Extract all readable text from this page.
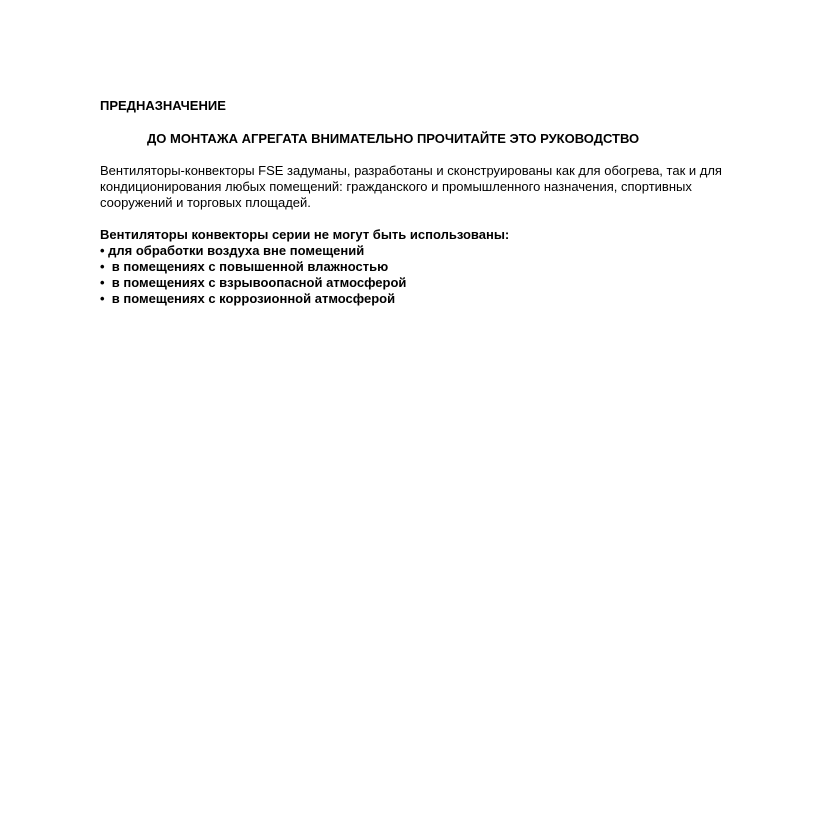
ПРЕДНАЗНАЧЕНИЕ

ДО МОНТАЖА АГРЕГАТА ВНИМАТЕЛЬНО ПРОЧИТАЙТЕ ЭТО РУКОВОДСТВО

Вентиляторы-конвекторы FSE задуманы, разработаны и сконструированы как для обогрева, так и для кондиционирования любых помещений: гражданского и промышленного назначения, спортивных сооружений и торговых площадей.

Вентиляторы конвекторы серии не могут быть использованы:

• для обработки воздуха вне помещений
•  в помещениях с повышенной влажностью
•  в помещениях с взрывоопасной атмосферой
•  в помещениях с коррозионной атмосферой
